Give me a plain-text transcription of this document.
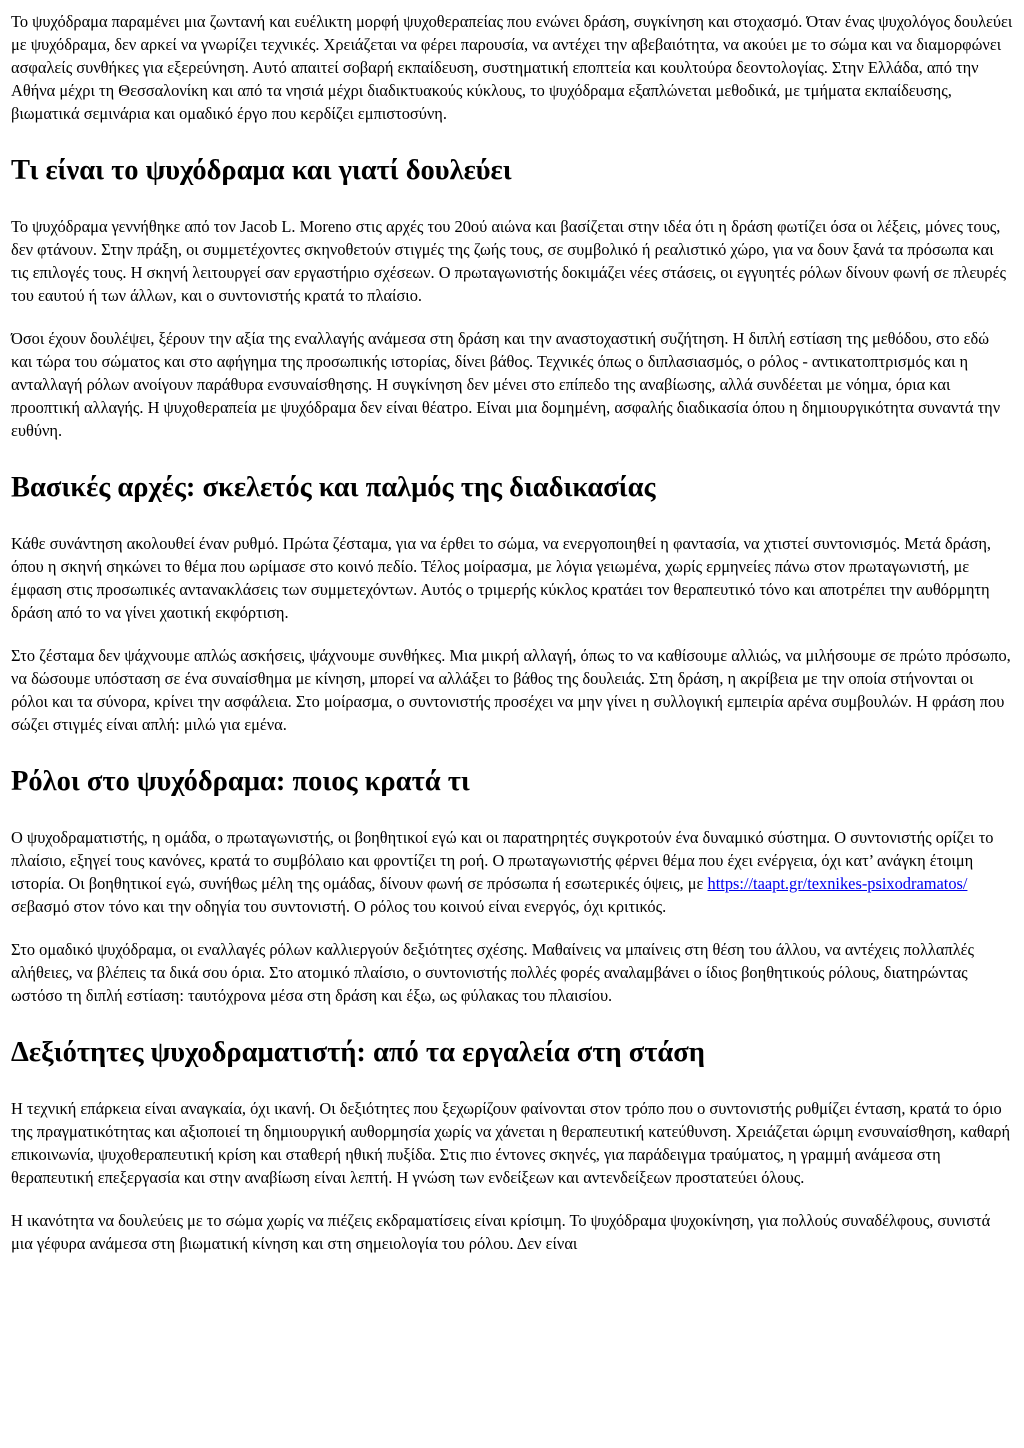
Το ψυχόδραμα παραμένει μια ζωντανή και ευέλικτη μορφή ψυχοθεραπείας που ενώνει δράση, συγκίνηση και στοχασμό. Όταν ένας ψυχολόγος δουλεύει με ψυχόδραμα, δεν αρκεί να γνωρίζει τεχνικές. Χρειάζεται να φέρει παρουσία, να αντέχει την αβεβαιότητα, να ακούει με το σώμα και να διαμορφώνει ασφαλείς συνθήκες για εξερεύνηση. Αυτό απαιτεί σοβαρή εκπαίδευση, συστηματική εποπτεία και κουλτούρα δεοντολογίας. Στην Ελλάδα, από την Αθήνα μέχρι τη Θεσσαλονίκη και από τα νησιά μέχρι διαδικτυακούς κύκλους, το ψυχόδραμα εξαπλώνεται μεθοδικά, με τμήματα εκπαίδευσης, βιωματικά σεμινάρια και ομαδικό έργο που κερδίζει εμπιστοσύνη.

Τι είναι το ψυχόδραμα και γιατί δουλεύει

Το ψυχόδραμα γεννήθηκε από τον Jacob L. Moreno στις αρχές του 20ού αιώνα και βασίζεται στην ιδέα ότι η δράση φωτίζει όσα οι λέξεις, μόνες τους, δεν φτάνουν. Στην πράξη, οι συμμετέχοντες σκηνοθετούν στιγμές της ζωής τους, σε συμβολικό ή ρεαλιστικό χώρο, για να δουν ξανά τα πρόσωπα και τις επιλογές τους. Η σκηνή λειτουργεί σαν εργαστήριο σχέσεων. Ο πρωταγωνιστής δοκιμάζει νέες στάσεις, οι εγγυητές ρόλων δίνουν φωνή σε πλευρές του εαυτού ή των άλλων, και ο συντονιστής κρατά το πλαίσιο.

Όσοι έχουν δουλέψει, ξέρουν την αξία της εναλλαγής ανάμεσα στη δράση και την αναστοχαστική συζήτηση. Η διπλή εστίαση της μεθόδου, στο εδώ και τώρα του σώματος και στο αφήγημα της προσωπικής ιστορίας, δίνει βάθος. Τεχνικές όπως ο διπλασιασμός, ο ρόλος - αντικατοπτρισμός και η ανταλλαγή ρόλων ανοίγουν παράθυρα ενσυναίσθησης. Η συγκίνηση δεν μένει στο επίπεδο της αναβίωσης, αλλά συνδέεται με νόημα, όρια και προοπτική αλλαγής. Η ψυχοθεραπεία με ψυχόδραμα δεν είναι θέατρο. Είναι μια δομημένη, ασφαλής διαδικασία όπου η δημιουργικότητα συναντά την ευθύνη.

Βασικές αρχές: σκελετός και παλμός της διαδικασίας

Κάθε συνάντηση ακολουθεί έναν ρυθμό. Πρώτα ζέσταμα, για να έρθει το σώμα, να ενεργοποιηθεί η φαντασία, να χτιστεί συντονισμός. Μετά δράση, όπου η σκηνή σηκώνει το θέμα που ωρίμασε στο κοινό πεδίο. Τέλος μοίρασμα, με λόγια γειωμένα, χωρίς ερμηνείες πάνω στον πρωταγωνιστή, με έμφαση στις προσωπικές αντανακλάσεις των συμμετεχόντων. Αυτός ο τριμερής κύκλος κρατάει τον θεραπευτικό τόνο και αποτρέπει την αυθόρμητη δράση από το να γίνει χαοτική εκφόρτιση.

Στο ζέσταμα δεν ψάχνουμε απλώς ασκήσεις, ψάχνουμε συνθήκες. Μια μικρή αλλαγή, όπως το να καθίσουμε αλλιώς, να μιλήσουμε σε πρώτο πρόσωπο, να δώσουμε υπόσταση σε ένα συναίσθημα με κίνηση, μπορεί να αλλάξει το βάθος της δουλειάς. Στη δράση, η ακρίβεια με την οποία στήνονται οι ρόλοι και τα σύνορα, κρίνει την ασφάλεια. Στο μοίρασμα, ο συντονιστής προσέχει να μην γίνει η συλλογική εμπειρία αρένα συμβουλών. Η φράση που σώζει στιγμές είναι απλή: μιλώ για εμένα.

Ρόλοι στο ψυχόδραμα: ποιος κρατά τι

Ο ψυχοδραματιστής, η ομάδα, ο πρωταγωνιστής, οι βοηθητικοί εγώ και οι παρατηρητές συγκροτούν ένα δυναμικό σύστημα. Ο συντονιστής ορίζει το πλαίσιο, εξηγεί τους κανόνες, κρατά το συμβόλαιο και φροντίζει τη ροή. Ο πρωταγωνιστής φέρνει θέμα που έχει ενέργεια, όχι κατ’ ανάγκη έτοιμη ιστορία. Οι βοηθητικοί εγώ, συνήθως μέλη της ομάδας, δίνουν φωνή σε πρόσωπα ή εσωτερικές όψεις, με https://taapt.gr/texnikes-psixodramatos/ σεβασμό στον τόνο και την οδηγία του συντονιστή. Ο ρόλος του κοινού είναι ενεργός, όχι κριτικός.

Στο ομαδικό ψυχόδραμα, οι εναλλαγές ρόλων καλλιεργούν δεξιότητες σχέσης. Μαθαίνεις να μπαίνεις στη θέση του άλλου, να αντέχεις πολλαπλές αλήθειες, να βλέπεις τα δικά σου όρια. Στο ατομικό πλαίσιο, ο συντονιστής πολλές φορές αναλαμβάνει ο ίδιος βοηθητικούς ρόλους, διατηρώντας ωστόσο τη διπλή εστίαση: ταυτόχρονα μέσα στη δράση και έξω, ως φύλακας του πλαισίου.

Δεξιότητες ψυχοδραματιστή: από τα εργαλεία στη στάση

Η τεχνική επάρκεια είναι αναγκαία, όχι ικανή. Οι δεξιότητες που ξεχωρίζουν φαίνονται στον τρόπο που ο συντονιστής ρυθμίζει ένταση, κρατά το όριο της πραγματικότητας και αξιοποιεί τη δημιουργική αυθορμησία χωρίς να χάνεται η θεραπευτική κατεύθυνση. Χρειάζεται ώριμη ενσυναίσθηση, καθαρή επικοινωνία, ψυχοθεραπευτική κρίση και σταθερή ηθική πυξίδα. Στις πιο έντονες σκηνές, για παράδειγμα τραύματος, η γραμμή ανάμεσα στη θεραπευτική επεξεργασία και στην αναβίωση είναι λεπτή. Η γνώση των ενδείξεων και αντενδείξεων προστατεύει όλους.

Η ικανότητα να δουλεύεις με το σώμα χωρίς να πιέζεις εκδραματίσεις είναι κρίσιμη. Το ψυχόδραμα ψυχοκίνηση, για πολλούς συναδέλφους, συνιστά μια γέφυρα ανάμεσα στη βιωματική κίνηση και στη σημειολογία του ρόλου. Δεν είναι
